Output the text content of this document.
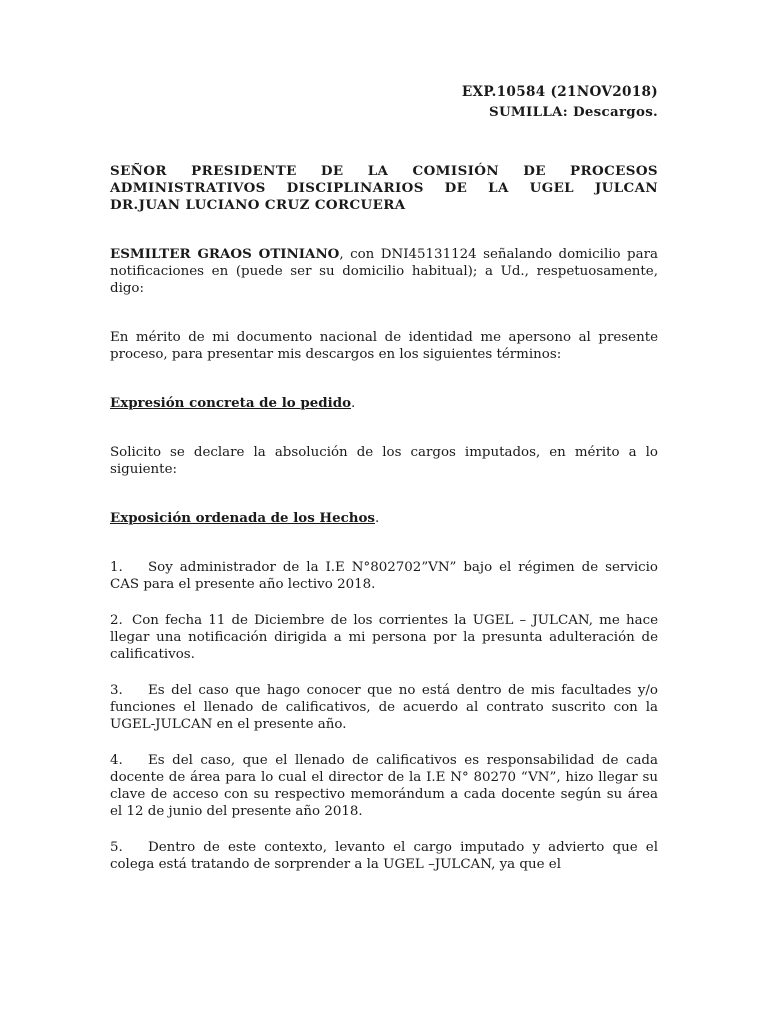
EXP.10584 (21NOV2018)
SUMILLA: Descargos.
SEÑOR PRESIDENTE DE LA COMISIÓN DE PROCESOS
ADMINISTRATIVOS DISCIPLINARIOS DE LA UGEL JULCAN
DR.JUAN LUCIANO CRUZ CORCUERA

ESMILTER GRAOS OTINIANO, con DNI45131124 señalando domicilio para notificaciones en (puede ser su domicilio habitual); a Ud., respetuosamente, digo:

En mérito de mi documento nacional de identidad me apersono al presente proceso, para presentar mis descargos en los siguientes términos:

Expresión concreta de lo pedido.

Solicito se declare la absolución de los cargos imputados, en mérito a lo siguiente:

Exposición ordenada de los Hechos.

1. Soy administrador de la I.E N°802702”VN” bajo el régimen de servicio CAS para el presente año lectivo 2018.

2. Con fecha 11 de Diciembre de los corrientes la UGEL – JULCAN, me hace llegar una notificación dirigida a mi persona por la presunta adulteración de calificativos.

3. Es del caso que hago conocer que no está dentro de mis facultades y/o funciones el llenado de calificativos, de acuerdo al contrato suscrito con la UGEL-JULCAN en el presente año.

4. Es del caso, que el llenado de calificativos es responsabilidad de cada docente de área para lo cual el director de la I.E N° 80270 “VN”, hizo llegar su clave de acceso con su respectivo memorándum a cada docente según su área el 12 de junio del presente año 2018.

5. Dentro de este contexto, levanto el cargo imputado y advierto que el colega está tratando de sorprender a la UGEL –JULCAN, ya que el
